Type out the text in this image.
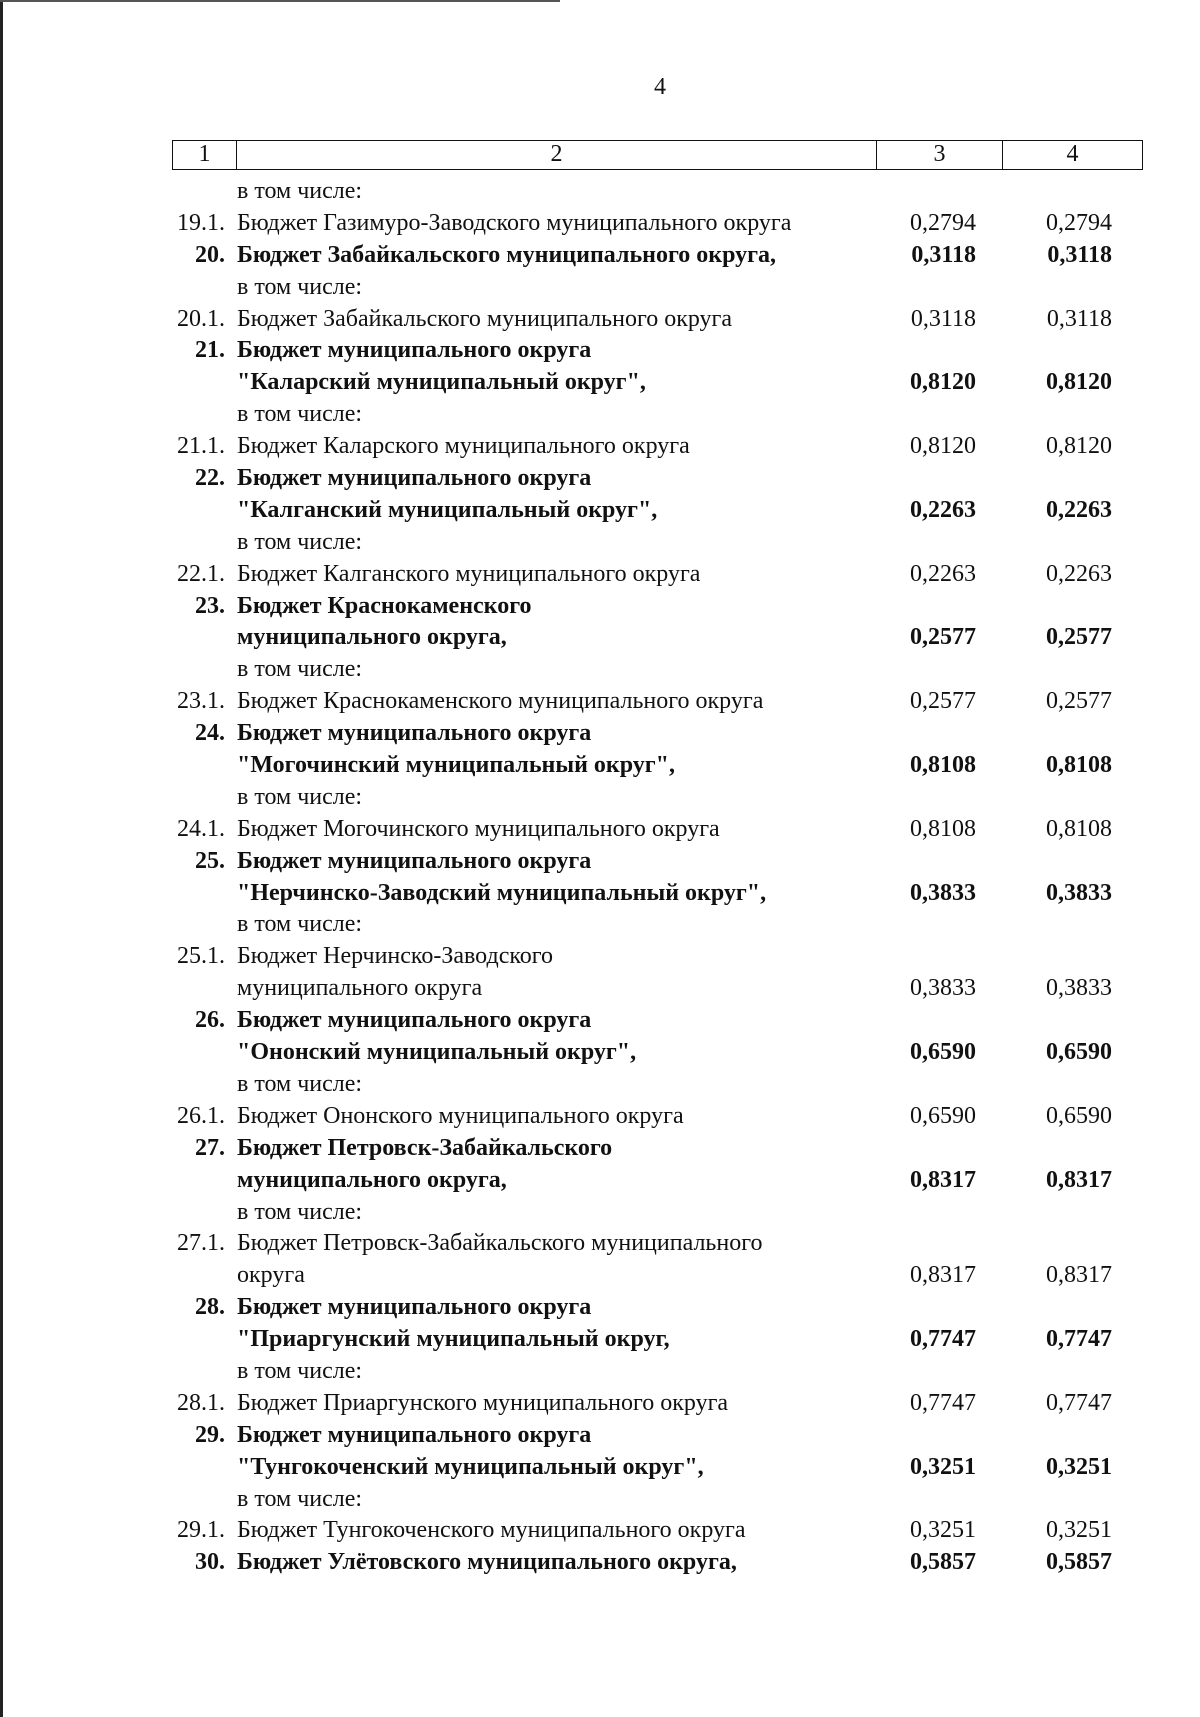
4
1	2	3	4
в том числе:
19.1. Бюджет Газимуро-Заводского муниципального округа	0,2794	0,2794
20. Бюджет Забайкальского муниципального округа,	0,3118	0,3118
в том числе:
20.1. Бюджет Забайкальского муниципального округа	0,3118	0,3118
21. Бюджет муниципального округа
"Каларский муниципальный округ",	0,8120	0,8120
в том числе:
21.1. Бюджет Каларского муниципального округа	0,8120	0,8120
22. Бюджет муниципального округа
"Калганский муниципальный округ",	0,2263	0,2263
в том числе:
22.1. Бюджет Калганского муниципального округа	0,2263	0,2263
23. Бюджет Краснокаменского
муниципального округа,	0,2577	0,2577
в том числе:
23.1. Бюджет Краснокаменского муниципального округа	0,2577	0,2577
24. Бюджет муниципального округа
"Могочинский муниципальный округ",	0,8108	0,8108
в том числе:
24.1. Бюджет Могочинского муниципального округа	0,8108	0,8108
25. Бюджет муниципального округа
"Нерчинско-Заводский муниципальный округ",	0,3833	0,3833
в том числе:
25.1. Бюджет Нерчинско-Заводского
муниципального округа	0,3833	0,3833
26. Бюджет муниципального округа
"Ононский муниципальный округ",	0,6590	0,6590
в том числе:
26.1. Бюджет Ононского муниципального округа	0,6590	0,6590
27. Бюджет Петровск-Забайкальского
муниципального округа,	0,8317	0,8317
в том числе:
27.1. Бюджет Петровск-Забайкальского муниципального
округа	0,8317	0,8317
28. Бюджет муниципального округа
"Приаргунский муниципальный округ,	0,7747	0,7747
в том числе:
28.1. Бюджет Приаргунского муниципального округа	0,7747	0,7747
29. Бюджет муниципального округа
"Тунгокоченский муниципальный округ",	0,3251	0,3251
в том числе:
29.1. Бюджет Тунгокоченского муниципального округа	0,3251	0,3251
30. Бюджет Улётовского муниципального округа,	0,5857	0,5857
